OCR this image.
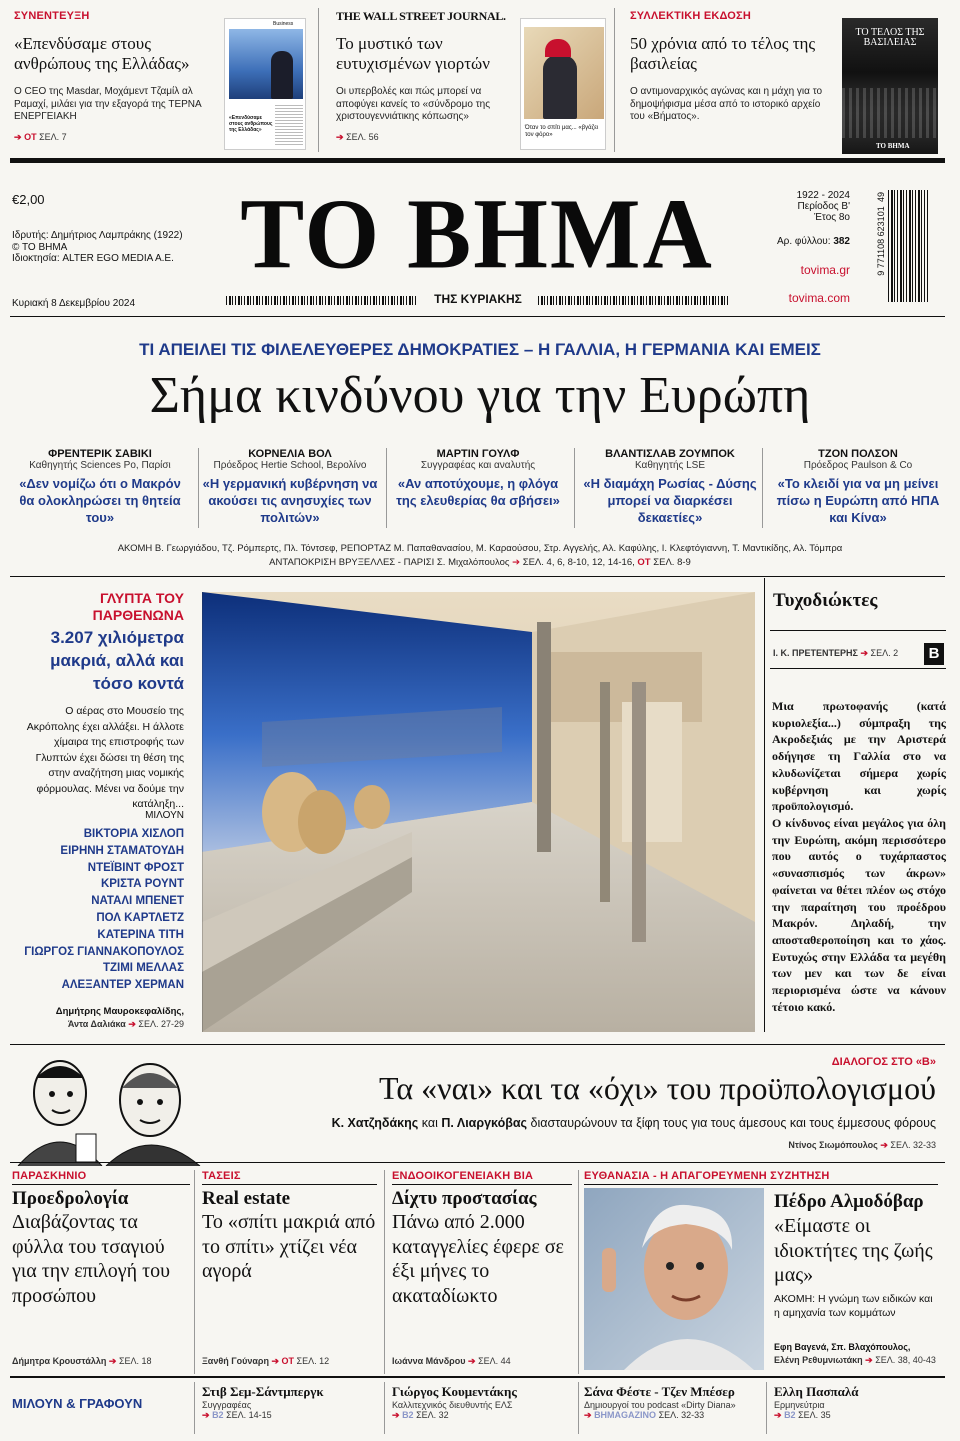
ΣΥΝΕΝΤΕΥΞΗ
«Επενδύσαμε στους ανθρώπους της Ελλάδας»
Ο CEO της Masdar, Μοχάμεντ Τζαμίλ αλ Ραμαχί, μιλάει για την εξαγορά της ΤΕΡΝΑ ΕΝΕΡΓΕΙΑΚΗ
➔ ΟΤ ΣΕΛ. 7
Business
«Επενδύσαμε στους ανθρώπους της Ελλάδας»
THE WALL STREET JOURNAL.
Το μυστικό των ευτυχισμένων γιορτών
Οι υπερβολές και πώς μπορεί να αποφύγει κανείς το «σύνδρομο της χριστουγεννιάτικης κόπωσης»
➔ ΣΕΛ. 56
Όταν το σπίτι μας... «βγάζει τον φόρο»
ΣΥΛΛΕΚΤΙΚΗ ΕΚΔΟΣΗ
50 χρόνια από το τέλος της βασιλείας
Ο αντιμοναρχικός αγώνας και η μάχη για το δημοψήφισμα μέσα από το ιστορικό αρχείο του «Βήματος».
ΤΟ ΤΕΛΟΣ ΤΗΣ ΒΑΣΙΛΕΙΑΣ
ΤΟ ΒΗΜΑ
€2,00
Ιδρυτής: Δημήτριος Λαμπράκης (1922)
© ΤΟ ΒΗΜΑ
Ιδιοκτησία: ALTER EGO MEDIA A.E.
Κυριακή 8 Δεκεμβρίου 2024
ΤΟ ΒΗΜΑ
ΤΗΣ ΚΥΡΙΑΚΗΣ
1922 - 2024
Περίοδος Β'
Έτος 8ο
Αρ. φύλλου: 382
tovima.gr
tovima.com
9 771108 623101
49
ΤΙ ΑΠΕΙΛΕΙ ΤΙΣ ΦΙΛΕΛΕΥΘΕΡΕΣ ΔΗΜΟΚΡΑΤΙΕΣ – Η ΓΑΛΛΙΑ, Η ΓΕΡΜΑΝΙΑ ΚΑΙ ΕΜΕΙΣ
Σήμα κινδύνου για την Ευρώπη
ΦΡΕΝΤΕΡΙΚ ΣΑΒΙΚΙ
Καθηγητής Sciences Po, Παρίσι
«Δεν νομίζω ότι ο Μακρόν θα ολοκληρώσει τη θητεία του»
ΚΟΡΝΕΛΙΑ ΒΟΛ
Πρόεδρος Hertie School, Βερολίνο
«Η γερμανική κυβέρνηση να ακούσει τις ανησυχίες των πολιτών»
ΜΑΡΤΙΝ ΓΟΥΛΦ
Συγγραφέας και αναλυτής
«Αν αποτύχουμε, η φλόγα της ελευθερίας θα σβήσει»
ΒΛΑΝΤΙΣΛΑΒ ΖΟΥΜΠΟΚ
Καθηγητής LSE
«Η διαμάχη Ρωσίας - Δύσης μπορεί να διαρκέσει δεκαετίες»
ΤΖΟΝ ΠΟΛΣΟΝ
Πρόεδρος Paulson & Co
«Το κλειδί για να μη μείνει πίσω η Ευρώπη από ΗΠΑ και Κίνα»
ΑΚΟΜΗ Β. Γεωργιάδου, Τζ. Ρόμπερτς, Πλ. Τόντσεφ, ΡΕΠΟΡΤΑΖ Μ. Παπαθανασίου, Μ. Καραούσου, Στρ. Αγγελής, Αλ. Καφύλης, Ι. Κλεφτόγιαννη, Τ. Μαντικίδης, Αλ. Τόμπρα
ΑΝΤΑΠΟΚΡΙΣΗ ΒΡΥΞΕΛΛΕΣ - ΠΑΡΙΣΙ Σ. Μιχαλόπουλος ➔ ΣΕΛ. 4, 6, 8-10, 12, 14-16, ΟΤ ΣΕΛ. 8-9
ΓΛΥΠΤΑ ΤΟΥ ΠΑΡΘΕΝΩΝΑ
3.207 χιλιόμετρα μακριά, αλλά και τόσο κοντά
Ο αέρας στο Μουσείο της Ακρόπολης έχει αλλάξει. Η άλλοτε χίμαιρα της επιστροφής των Γλυπτών έχει δώσει τη θέση της στην αναζήτηση μιας νομικής φόρμουλας. Μένει να δούμε την κατάληξη...
ΜΙΛΟΥΝ
ΒΙΚΤΟΡΙΑ ΧΙΣΛΟΠ
ΕΙΡΗΝΗ ΣΤΑΜΑΤΟΥΔΗ
ΝΤΕΪΒΙΝΤ ΦΡΟΣΤ
ΚΡΙΣΤΑ ΡΟΥΝΤ
ΝΑΤΑΛΙ ΜΠΕΝΕΤ
ΠΟΛ ΚΑΡΤΛΕΤΖ
ΚΑΤΕΡΙΝΑ ΤΙΤΗ
ΓΙΩΡΓΟΣ ΓΙΑΝΝΑΚΟΠΟΥΛΟΣ
ΤΖΙΜΙ ΜΕΛΛΑΣ
ΑΛΕΞΑΝΤΕΡ ΧΕΡΜΑΝ
Δημήτρης Μαυροκεφαλίδης,
Άντα Δαλιάκα ➔ ΣΕΛ. 27-29
Τυχοδιώκτες
Ι. Κ. ΠΡΕΤΕΝΤΕΡΗΣ ➔ ΣΕΛ. 2	B
Μια πρωτοφανής (κατά κυριολεξία...) σύμπραξη της Ακροδεξιάς με την Αριστερά οδήγησε τη Γαλλία στο να κλυδωνίζεται σήμερα χωρίς κυβέρνηση και χωρίς προϋπολογισμό.
Ο κίνδυνος είναι μεγάλος για όλη την Ευρώπη, ακόμη περισσότερο που αυτός ο τυχάρπαστος «συνασπισμός των άκρων» φαίνεται να θέτει πλέον ως στόχο την παραίτηση του προέδρου Μακρόν. Δηλαδή, την αποσταθεροποίηση και το χάος. Ευτυχώς στην Ελλάδα τα μεγέθη των μεν και των δε είναι περιορισμένα ώστε να κάνουν τέτοιο κακό.
ΔΙΑΛΟΓΟΣ ΣΤΟ «Β»
Τα «ναι» και τα «όχι» του προϋπολογισμού
Κ. Χατζηδάκης και Π. Λιαργκόβας διασταυρώνουν τα ξίφη τους για τους άμεσους και τους έμμεσους φόρους
Ντίνος Σιωμόπουλος ➔ ΣΕΛ. 32-33
ΠΑΡΑΣΚΗΝΙΟ
Προεδρολογία
Διαβάζοντας τα φύλλα του τσαγιού για την επιλογή του προσώπου
Δήμητρα Κρουστάλλη ➔ ΣΕΛ. 18
ΤΑΣΕΙΣ
Real estate
Το «σπίτι μακριά από το σπίτι» χτίζει νέα αγορά
Ξανθή Γούναρη ➔ ΟΤ ΣΕΛ. 12
ΕΝΔΟΟΙΚΟΓΕΝΕΙΑΚΗ ΒΙΑ
Δίχτυ προστασίας
Πάνω από 2.000 καταγγελίες έφερε σε έξι μήνες το ακαταδίωκτο
Ιωάννα Μάνδρου ➔ ΣΕΛ. 44
ΕΥΘΑΝΑΣΙΑ - Η ΑΠΑΓΟΡΕΥΜΕΝΗ ΣΥΖΗΤΗΣΗ
Πέδρο Αλμοδόβαρ
«Είμαστε οι ιδιοκτήτες της ζωής μας»
ΑΚΟΜΗ: Η γνώμη των ειδικών και η αμηχανία των κομμάτων
Εφη Βαγενά, Σπ. Βλαχόπουλος,
Ελένη Ρεθυμνιωτάκη ➔ ΣΕΛ. 38, 40-43
ΜΙΛΟΥΝ & ΓΡΑΦΟΥΝ
Στιβ Σεμ-Σάντμπεργκ
Συγγραφέας
➔ B2 ΣΕΛ. 14-15
Γιώργος Κουμεντάκης
Καλλιτεχνικός διευθυντής ΕΛΣ
➔ B2 ΣΕΛ. 32
Σάνα Φέστε - Τζεν Μπέσερ
Δημιουργοί του podcast «Dirty Diana»
➔ BHMAGAZINO ΣΕΛ. 32-33
Ελλη Πασπαλά
Ερμηνεύτρια
➔ B2 ΣΕΛ. 35
